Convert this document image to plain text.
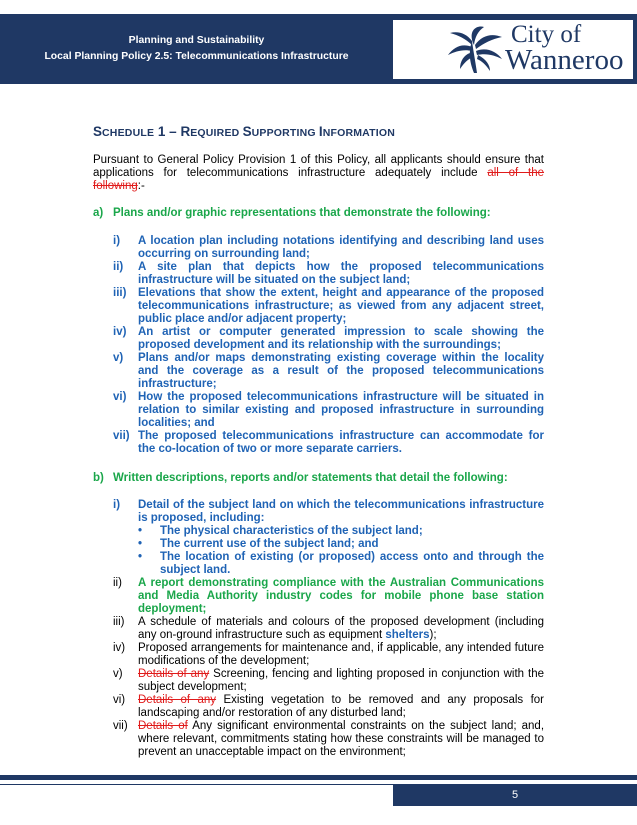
Planning and Sustainability
Local Planning Policy 2.5: Telecommunications Infrastructure
City of
Wanneroo
SCHEDULE 1 – REQUIRED SUPPORTING INFORMATION
Pursuant to General Policy Provision 1 of this Policy, all applicants should ensure that applications for telecommunications infrastructure adequately include all of the following:-
a) Plans and/or graphic representations that demonstrate the following:
i)	A location plan including notations identifying and describing land uses occurring on surrounding land;
ii)	A site plan that depicts how the proposed telecommunications infrastructure will be situated on the subject land;
iii)	Elevations that show the extent, height and appearance of the proposed telecommunications infrastructure; as viewed from any adjacent street, public place and/or adjacent property;
iv)	An artist or computer generated impression to scale showing the proposed development and its relationship with the surroundings;
v)	Plans and/or maps demonstrating existing coverage within the locality and the coverage as a result of the proposed telecommunications infrastructure;
vi)	How the proposed telecommunications infrastructure will be situated in relation to similar existing and proposed infrastructure in surrounding localities; and
vii) The proposed telecommunications infrastructure can accommodate for the co-location of two or more separate carriers.
b) Written descriptions, reports and/or statements that detail the following:
i)	Detail of the subject land on which the telecommunications infrastructure is proposed, including:
• The physical characteristics of the subject land;
• The current use of the subject land; and
• The location of existing (or proposed) access onto and through the subject land.
ii)	A report demonstrating compliance with the Australian Communications and Media Authority industry codes for mobile phone base station deployment;
iii)	A schedule of materials and colours of the proposed development (including any on-ground infrastructure such as equipment shelters);
iv)	Proposed arrangements for maintenance and, if applicable, any intended future modifications of the development;
v)	Details of any Screening, fencing and lighting proposed in conjunction with the subject development;
vi)	Details of any Existing vegetation to be removed and any proposals for landscaping and/or restoration of any disturbed land;
vii) Details of Any significant environmental constraints on the subject land; and, where relevant, commitments stating how these constraints will be managed to prevent an unacceptable impact on the environment;
5
